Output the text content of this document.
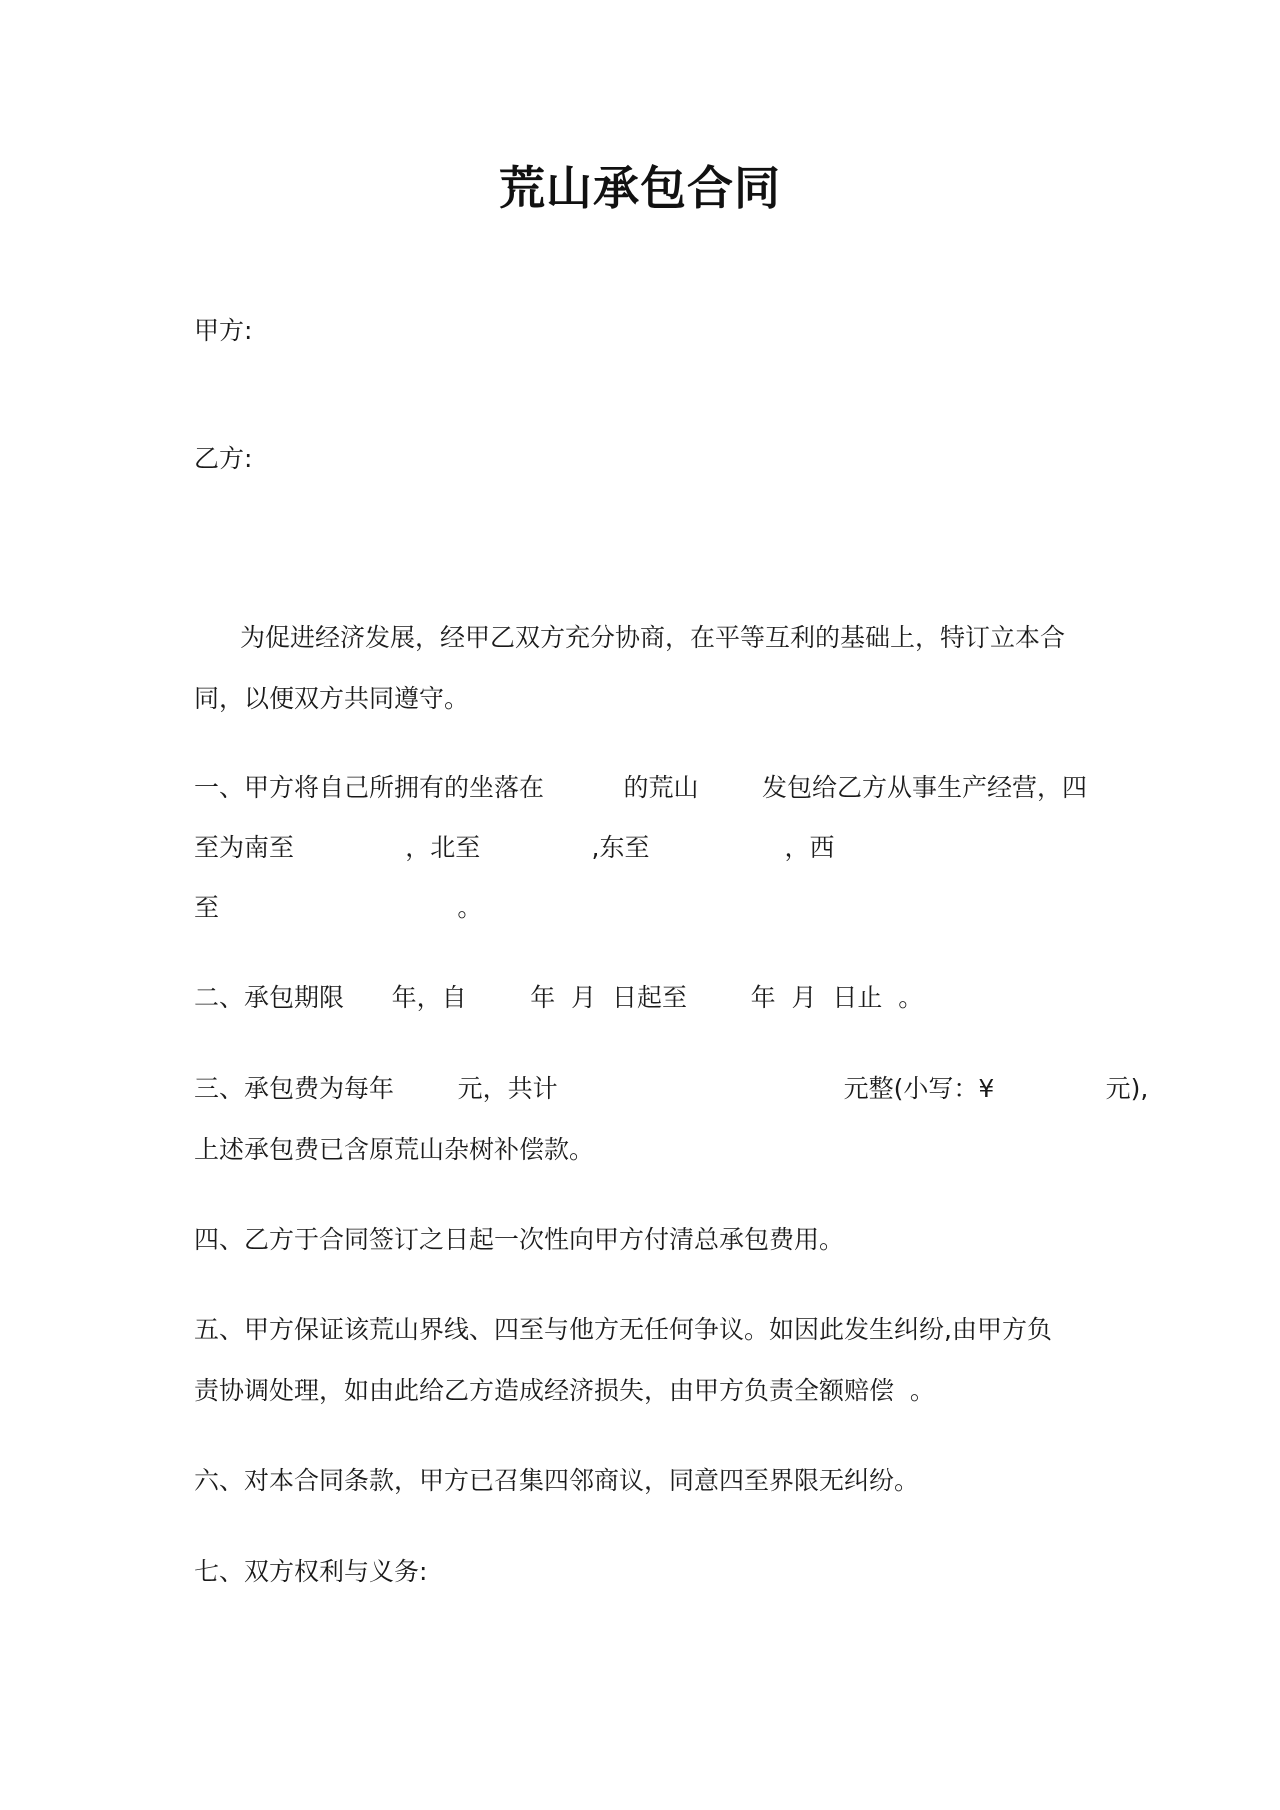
荒山承包合同
甲方:
乙方:
为促进经济发展，经甲乙双方充分协商，在平等互利的基础上，特订立本合
同，以便双方共同遵守。
一、甲方将自己所拥有的坐落在          的荒山        发包给乙方从事生产经营，四
至为南至              ，北至              ,东至                 ，西
至                              。
二、承包期限      年，自        年  月  日起至        年  月  日止  。
三、承包费为每年        元，共计                                    元整(小写：¥              元),
上述承包费已含原荒山杂树补偿款。
四、乙方于合同签订之日起一次性向甲方付清总承包费用。
五、甲方保证该荒山界线、四至与他方无任何争议。如因此发生纠纷,由甲方负
责协调处理，如由此给乙方造成经济损失，由甲方负责全额赔偿  。
六、对本合同条款，甲方已召集四邻商议，同意四至界限无纠纷。
七、双方权利与义务:
